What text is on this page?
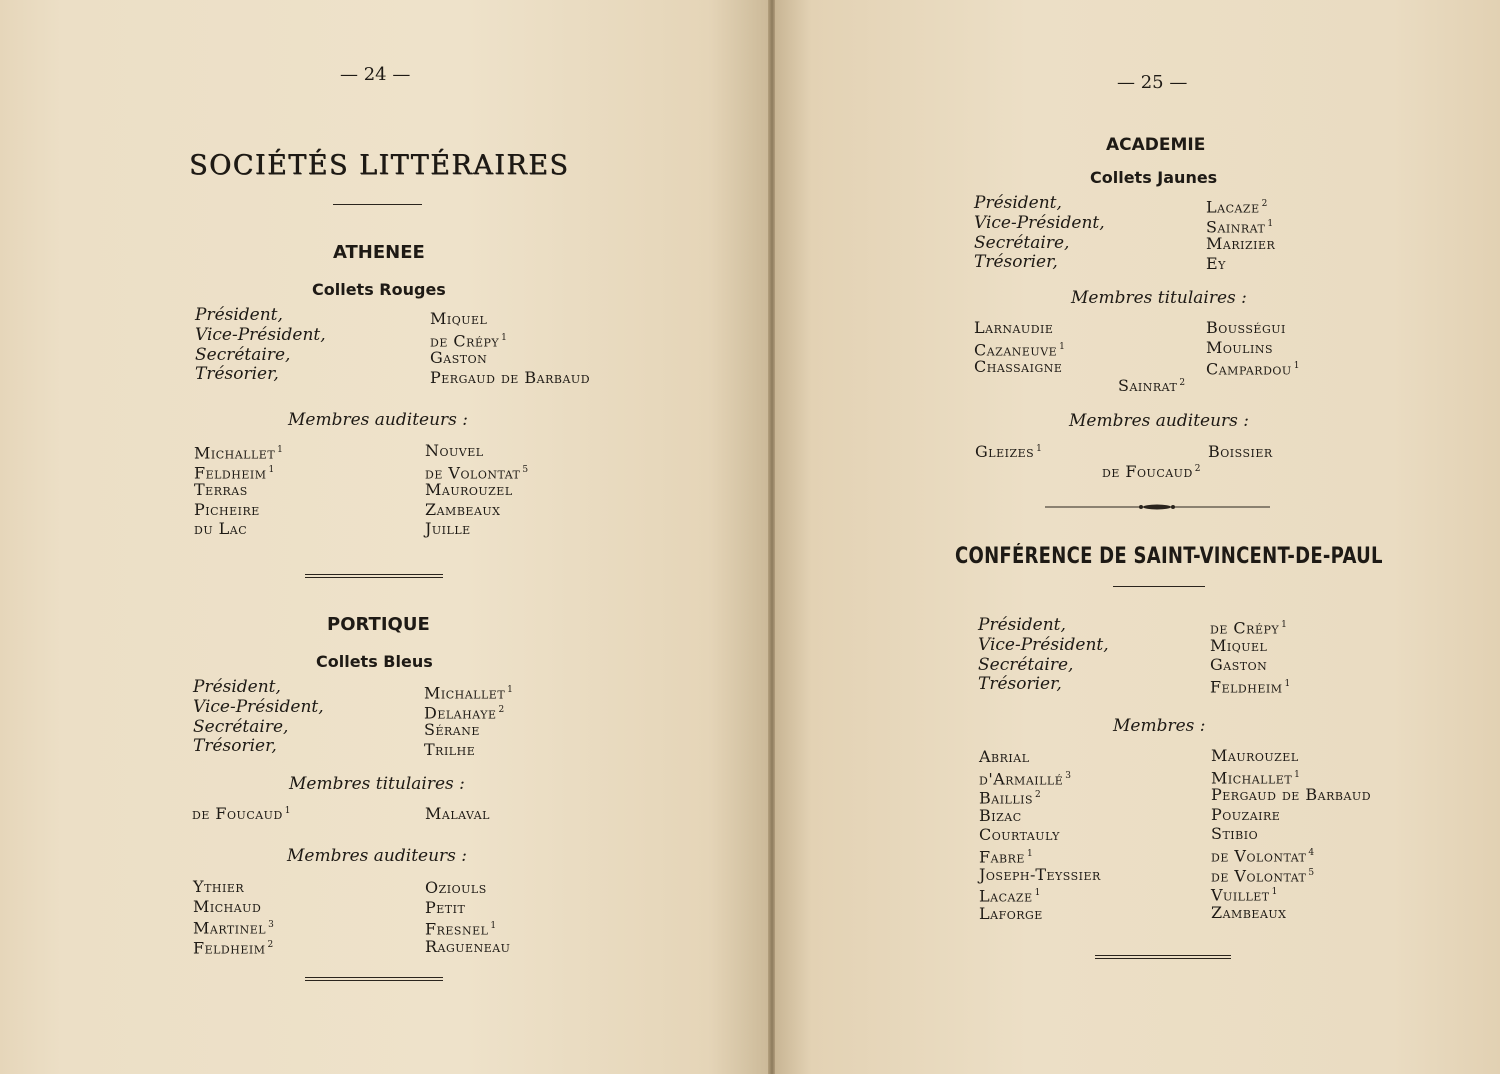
— 24 —
SOCIÉTÉS LITTÉRAIRES
ATHENEE
Collets Rouges
Président,
Vice-Président,
Secrétaire,
Trésorier,
Miquel
de Crépy $^1$
Gaston
Pergaud de Barbaud
Membres auditeurs :
Michallet $^1$
Feldheim $^1$
Terras
Picheire
du Lac
Nouvel
de Volontat $^5$
Maurouzel
Zambeaux
Juille
PORTIQUE
Collets Bleus
Président,
Vice-Président,
Secrétaire,
Trésorier,
Michallet $^1$
Delahaye $^2$
Sérane
Trilhe
Membres titulaires :
de Foucaud $^1$	Malaval
Membres auditeurs :
Ythier
Michaud
Martinel $^3$
Feldheim $^2$
Oziouls
Petit
Fresnel $^1$
Ragueneau
— 25 —
ACADEMIE
Collets Jaunes
Président,
Vice-Président,
Secrétaire,
Trésorier,
Lacaze $^2$
Sainrat $^1$
Marizier
Ey
Membres titulaires :
Larnaudie
Cazaneuve $^1$
Chassaigne
Bousségui
Moulins
Campardou $^1$
Sainrat $^2$
Membres auditeurs :
Gleizes $^1$	Boissier
de Foucaud $^2$
CONFÉRENCE DE SAINT-VINCENT-DE-PAUL
Président,
Vice-Président,
Secrétaire,
Trésorier,
de Crépy $^1$
Miquel
Gaston
Feldheim $^1$
Membres :
Abrial
d'Armaillé $^3$
Baillis $^2$
Bizac
Courtauly
Fabre $^1$
Joseph-Teyssier
Lacaze $^1$
Laforge
Maurouzel
Michallet $^1$
Pergaud de Barbaud
Pouzaire
Stibio
de Volontat $^4$
de Volontat $^5$
Vuillet $^1$
Zambeaux
